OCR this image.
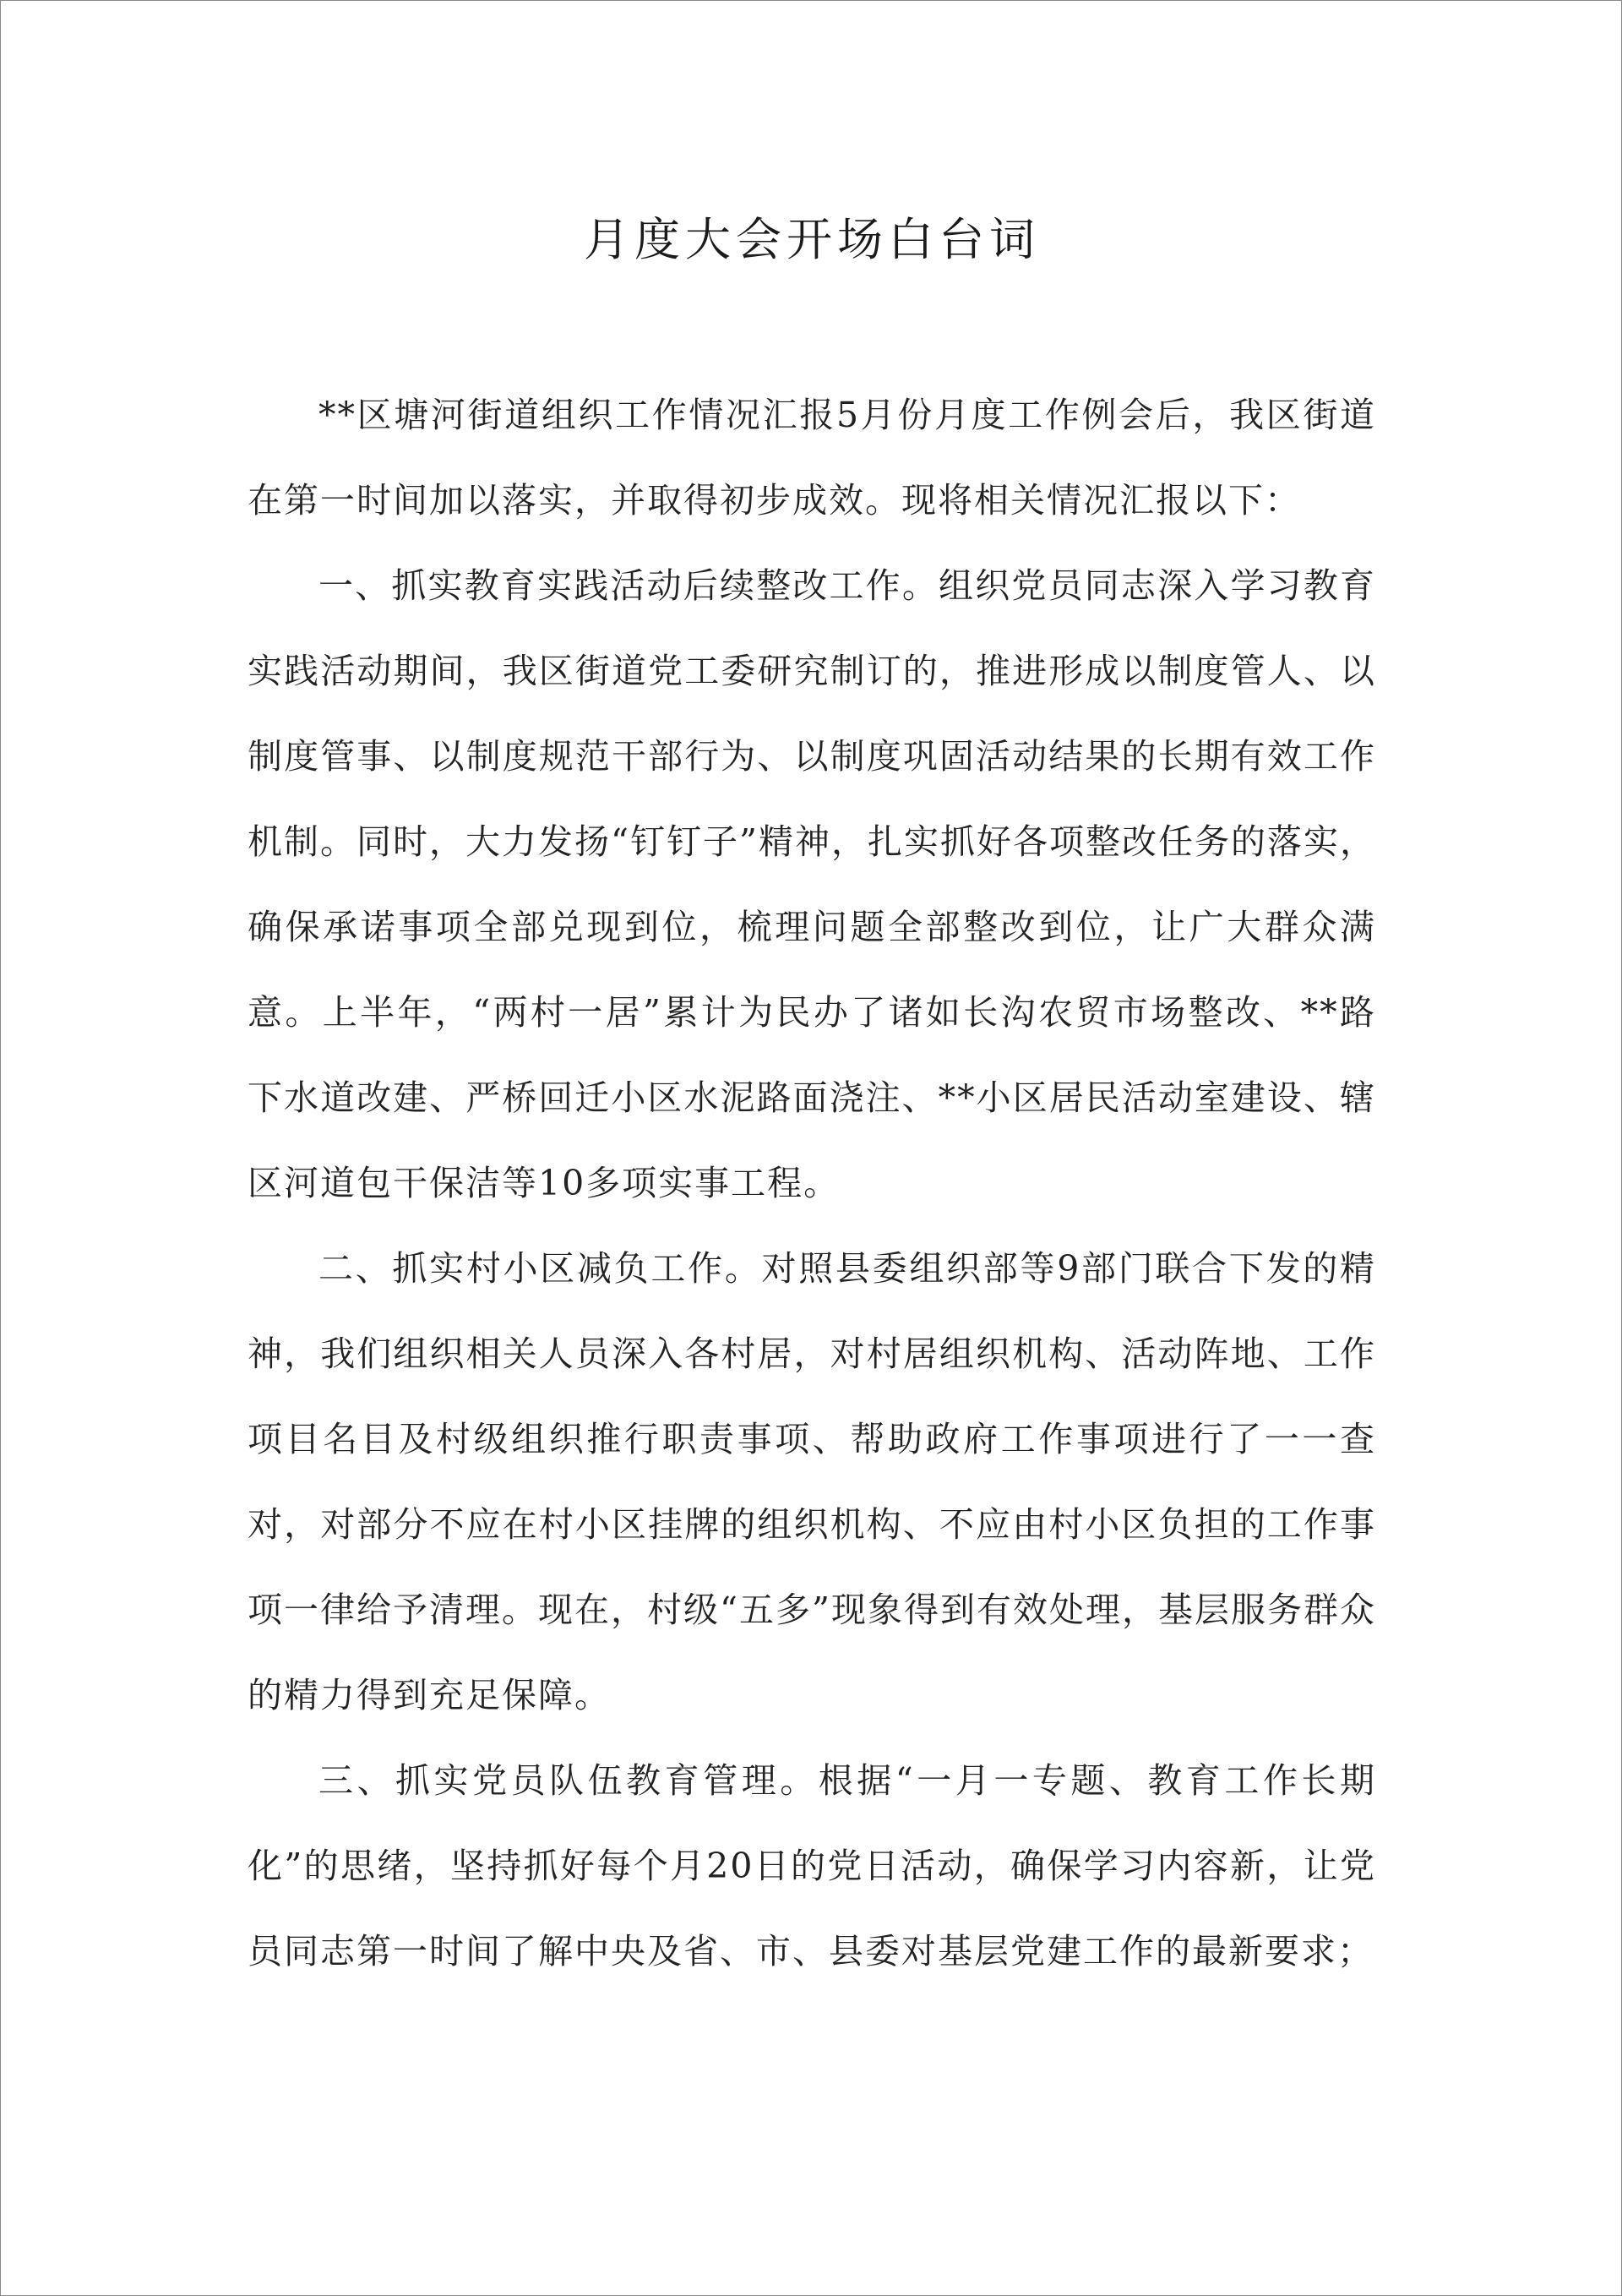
月度大会开场白台词

**区塘河街道组织工作情况汇报5月份月度工作例会后，我区街道在第一时间加以落实，并取得初步成效。现将相关情况汇报以下：

一、抓实教育实践活动后续整改工作。组织党员同志深入学习教育实践活动期间，我区街道党工委研究制订的，推进形成以制度管人、以制度管事、以制度规范干部行为、以制度巩固活动结果的长期有效工作机制。同时，大力发扬“钉钉子”精神，扎实抓好各项整改任务的落实，确保承诺事项全部兑现到位，梳理问题全部整改到位，让广大群众满意。上半年，“两村一居”累计为民办了诸如长沟农贸市场整改、**路下水道改建、严桥回迁小区水泥路面浇注、**小区居民活动室建设、辖区河道包干保洁等10多项实事工程。

二、抓实村小区减负工作。对照县委组织部等9部门联合下发的精神，我们组织相关人员深入各村居，对村居组织机构、活动阵地、工作项目名目及村级组织推行职责事项、帮助政府工作事项进行了一一查对，对部分不应在村小区挂牌的组织机构、不应由村小区负担的工作事项一律给予清理。现在，村级“五多”现象得到有效处理，基层服务群众的精力得到充足保障。

三、抓实党员队伍教育管理。根据“一月一专题、教育工作长期化”的思绪，坚持抓好每个月20日的党日活动，确保学习内容新，让党员同志第一时间了解中央及省、市、县委对基层党建工作的最新要求；
